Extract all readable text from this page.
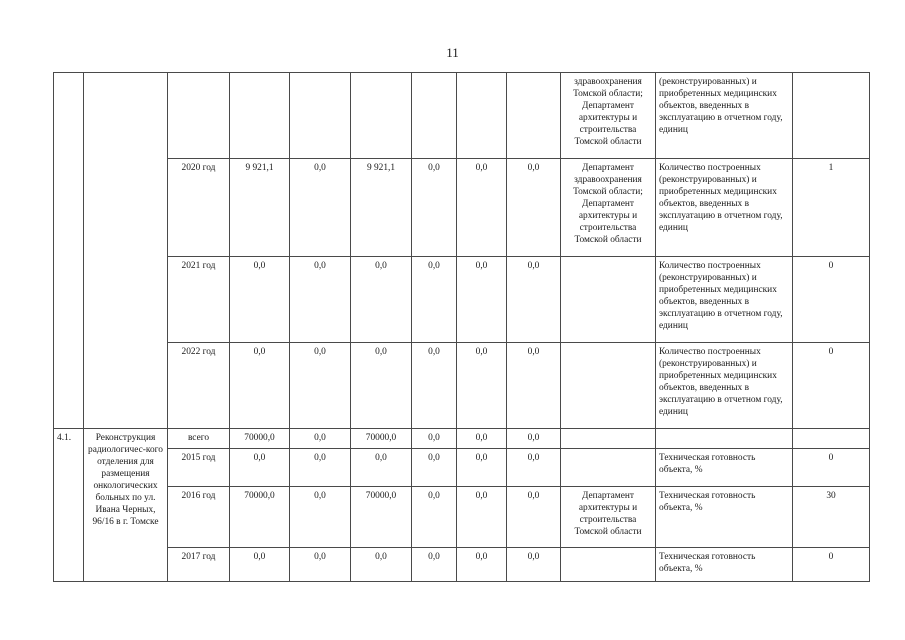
11
									здравоохранения Томской области; Департамент архитектуры и строительства Томской области	(реконструированных) и приобретенных медицинских объектов, введенных в эксплуатацию в отчетном году, единиц	
		2020 год	9 921,1	0,0	9 921,1	0,0	0,0	0,0	Департамент здравоохранения Томской области; Департамент архитектуры и строительства Томской области	Количество построенных (реконструированных) и приобретенных медицинских объектов, введенных в эксплуатацию в отчетном году, единиц	1
		2021 год	0,0	0,0	0,0	0,0	0,0	0,0		Количество построенных (реконструированных) и приобретенных медицинских объектов, введенных в эксплуатацию в отчетном году, единиц	0
		2022 год	0,0	0,0	0,0	0,0	0,0	0,0		Количество построенных (реконструированных) и приобретенных медицинских объектов, введенных в эксплуатацию в отчетном году, единиц	0
4.1.	Реконструкция радиологичес-кого отделения для размещения онкологических больных по ул. Ивана Черных, 96/16 в г. Томске	всего	70000,0	0,0	70000,0	0,0	0,0	0,0			
		2015 год	0,0	0,0	0,0	0,0	0,0	0,0		Техническая готовность объекта, %	0
		2016 год	70000,0	0,0	70000,0	0,0	0,0	0,0	Департамент архитектуры и строительства Томской области	Техническая готовность объекта, %	30
		2017 год	0,0	0,0	0,0	0,0	0,0	0,0		Техническая готовность объекта, %	0
